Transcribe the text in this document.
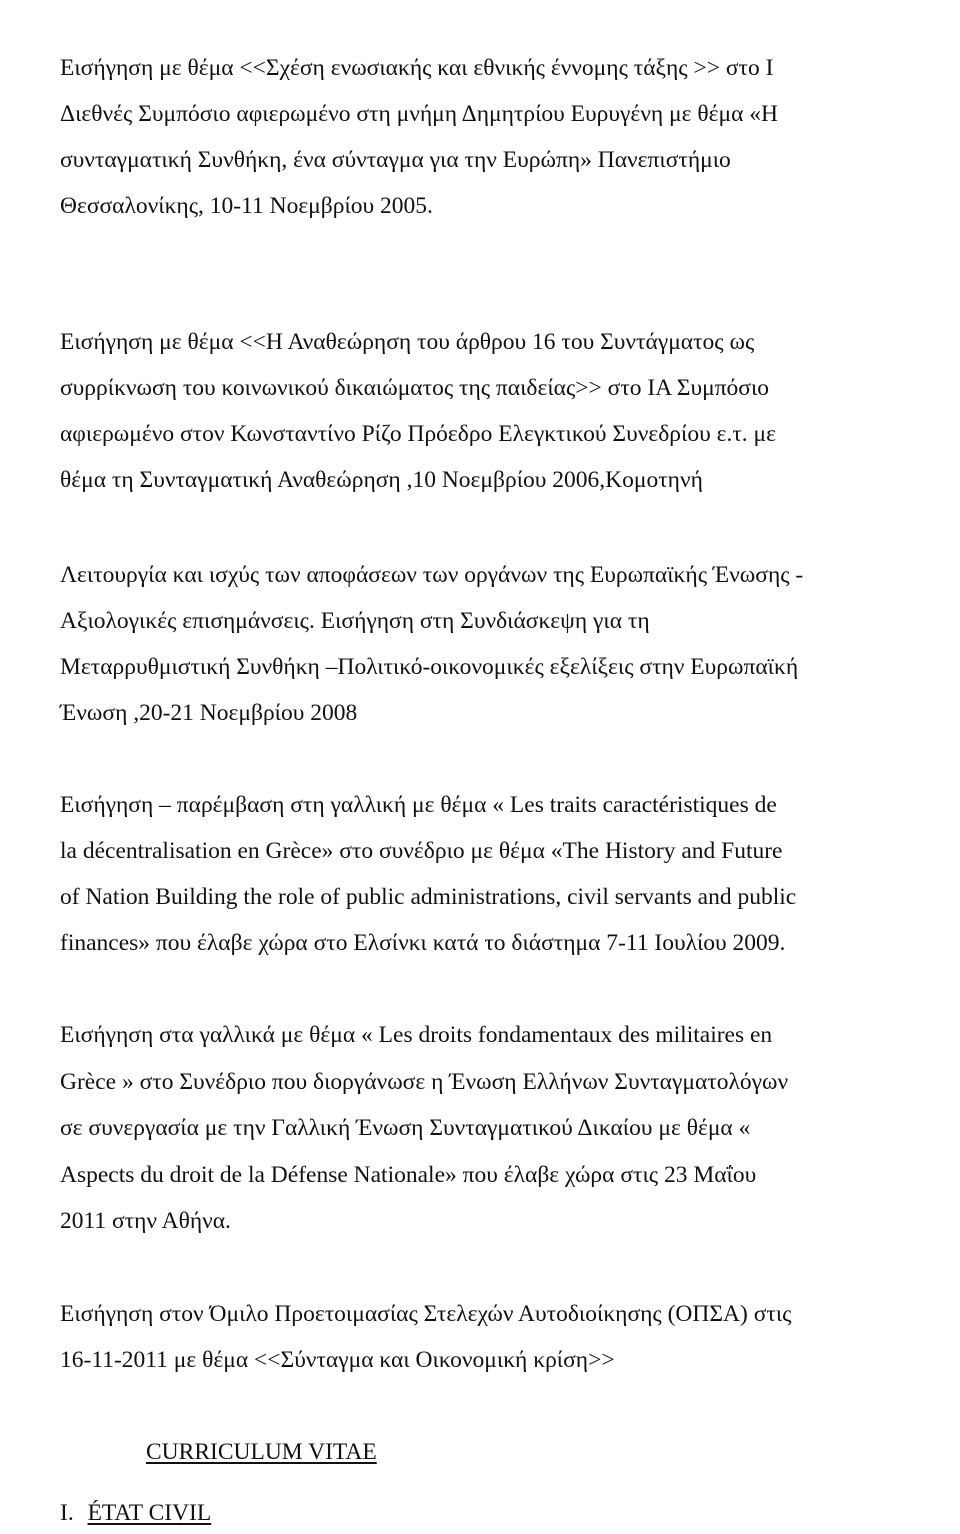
Εισήγηση με θέμα <<Σχέση ενωσιακής και εθνικής έννομης τάξης >> στο Ι
Διεθνές Συμπόσιο αφιερωμένο στη μνήμη Δημητρίου Ευρυγένη με θέμα «Η
συνταγματική Συνθήκη, ένα σύνταγμα για την Ευρώπη» Πανεπιστήμιο
Θεσσαλονίκης, 10-11 Νοεμβρίου 2005.
Εισήγηση με θέμα <<Η Αναθεώρηση του άρθρου 16 του Συντάγματος ως
συρρίκνωση του κοινωνικού δικαιώματος της παιδείας>> στο ΙΑ Συμπόσιο
αφιερωμένο στον Κωνσταντίνο Ρίζο Πρόεδρο Ελεγκτικού Συνεδρίου ε.τ. με
θέμα τη Συνταγματική Αναθεώρηση ,10 Νοεμβρίου 2006,Κομοτηνή
Λειτουργία και ισχύς των αποφάσεων των οργάνων της Ευρωπαϊκής Ένωσης -
Αξιολογικές επισημάνσεις. Εισήγηση στη Συνδιάσκεψη για τη
Μεταρρυθμιστική Συνθήκη –Πολιτικό-οικονομικές εξελίξεις στην Ευρωπαϊκή
Ένωση ,20-21 Νοεμβρίου 2008
Εισήγηση – παρέμβαση στη γαλλική με θέμα « Les traits caractéristiques de
la décentralisation en Grèce» στο συνέδριο με θέμα «The History and Future
of Nation Building the role of public administrations, civil servants and public
finances» που έλαβε χώρα στο Ελσίνκι κατά το διάστημα 7-11 Ιουλίου 2009.
Εισήγηση στα γαλλικά με θέμα « Les droits fondamentaux des militaires en
Grèce » στο Συνέδριο που διοργάνωσε η Ένωση Ελλήνων Συνταγματολόγων
σε συνεργασία με την Γαλλική Ένωση Συνταγματικού Δικαίου με θέμα «
Aspects du droit de la Défense Nationale» που έλαβε χώρα στις 23 Μαΐου
2011 στην Αθήνα.
Εισήγηση στον Όμιλο Προετοιμασίας Στελεχών Αυτοδιοίκησης (ΟΠΣΑ) στις
16-11-2011 με θέμα <<Σύνταγμα και Οικονομική κρίση>>
CURRICULUM VITAE
I. ÉTAT CIVIL
